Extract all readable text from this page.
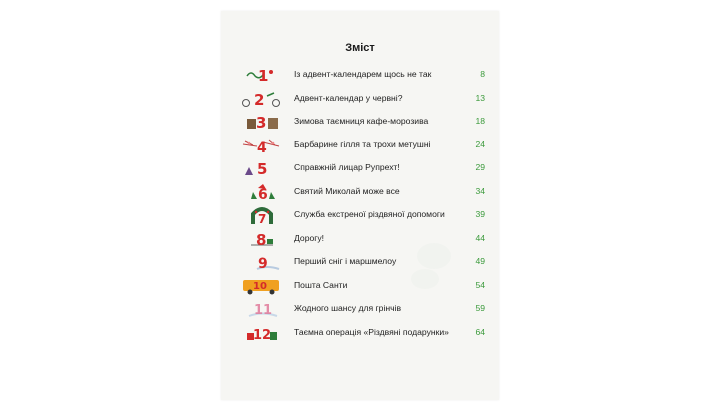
Зміст
1	Із адвент-календарем щось не так	8
2	Адвент-календар у червні?	13
3	Зимова таємниця кафе-морозива	18
4	Барбарине гілля та трохи метушні	24
5	Справжній лицар Рупрехт!	29
6	Святий Миколай може все	34
7	Служба екстреної різдвяної допомоги	39
8	Дорогу!	44
9	Перший сніг і маршмелоу	49
10	Пошта Санти	54
11	Жодного шансу для грінчів	59
12	Таємна операція «Різдвяні подарунки»	64
